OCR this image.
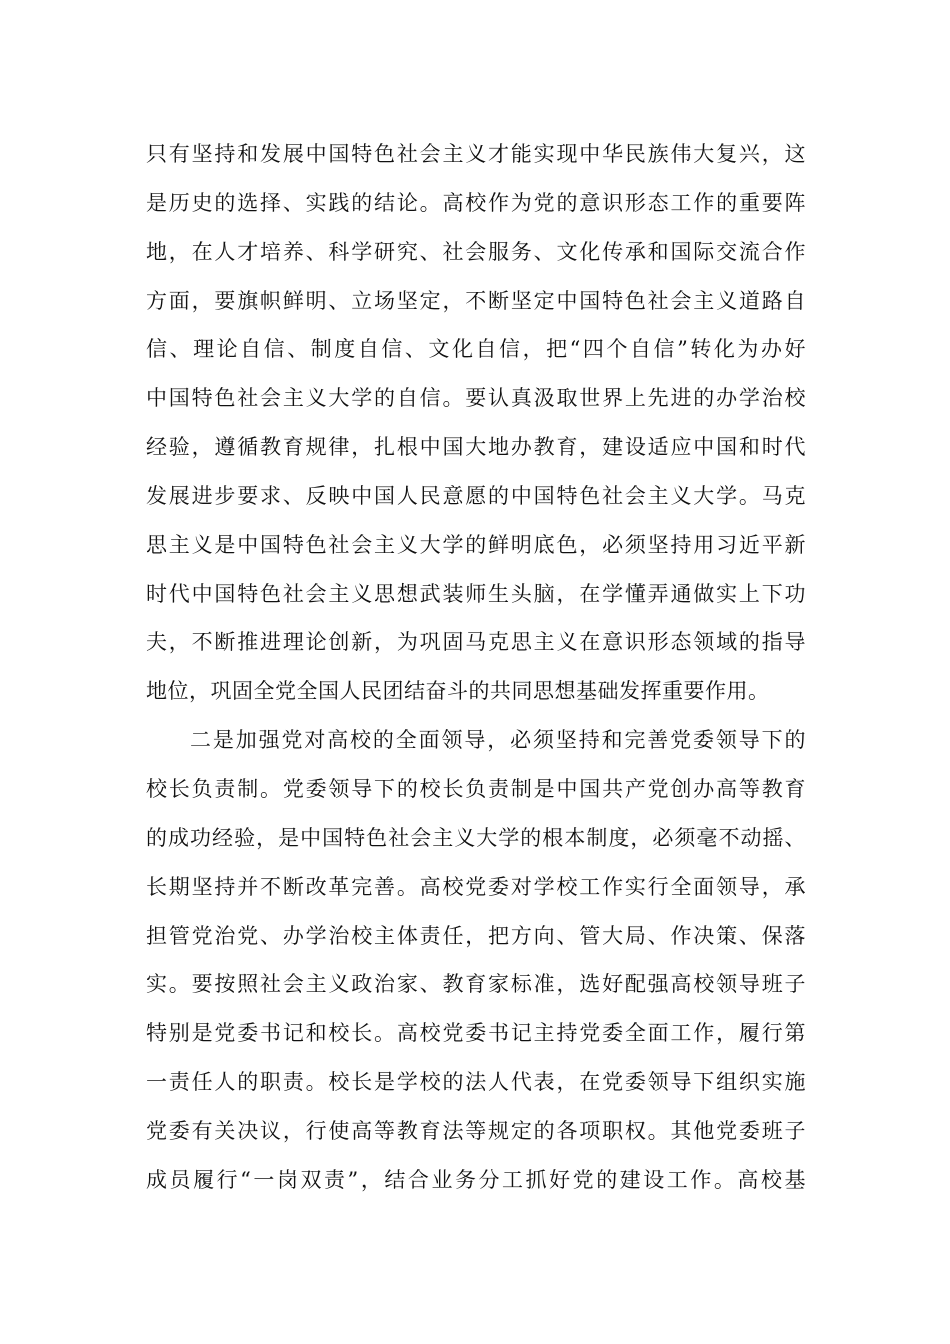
只有坚持和发展中国特色社会主义才能实现中华民族伟大复兴，这
是历史的选择、实践的结论。高校作为党的意识形态工作的重要阵
地，在人才培养、科学研究、社会服务、文化传承和国际交流合作
方面，要旗帜鲜明、立场坚定，不断坚定中国特色社会主义道路自
信、理论自信、制度自信、文化自信，把“四个自信”转化为办好
中国特色社会主义大学的自信。要认真汲取世界上先进的办学治校
经验，遵循教育规律，扎根中国大地办教育，建设适应中国和时代
发展进步要求、反映中国人民意愿的中国特色社会主义大学。马克
思主义是中国特色社会主义大学的鲜明底色，必须坚持用习近平新
时代中国特色社会主义思想武装师生头脑，在学懂弄通做实上下功
夫，不断推进理论创新，为巩固马克思主义在意识形态领域的指导
地位，巩固全党全国人民团结奋斗的共同思想基础发挥重要作用。
二是加强党对高校的全面领导，必须坚持和完善党委领导下的
校长负责制。党委领导下的校长负责制是中国共产党创办高等教育
的成功经验，是中国特色社会主义大学的根本制度，必须毫不动摇、
长期坚持并不断改革完善。高校党委对学校工作实行全面领导，承
担管党治党、办学治校主体责任，把方向、管大局、作决策、保落
实。要按照社会主义政治家、教育家标准，选好配强高校领导班子
特别是党委书记和校长。高校党委书记主持党委全面工作，履行第
一责任人的职责。校长是学校的法人代表，在党委领导下组织实施
党委有关决议，行使高等教育法等规定的各项职权。其他党委班子
成员履行“一岗双责”，结合业务分工抓好党的建设工作。高校基
